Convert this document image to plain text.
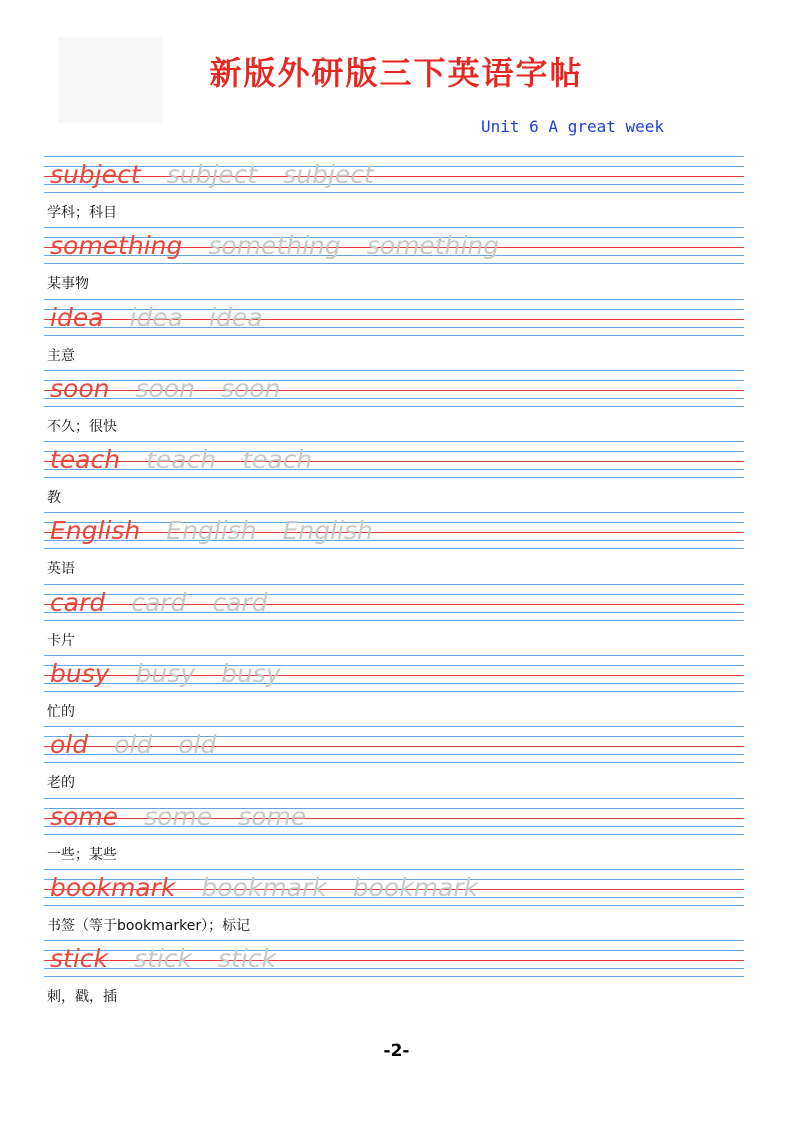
新版外研版三下英语字帖
Unit 6 A great week
subject subject subject
学科；科目
something something something
某事物
idea idea idea
主意
soon soon soon
不久；很快
teach teach teach
教
English English English
英语
card card card
卡片
busy busy busy
忙的
old old old
老的
some some some
一些；某些
bookmark bookmark bookmark
书签（等于bookmarker）；标记
stick stick stick
刺，戳，插
-2-
